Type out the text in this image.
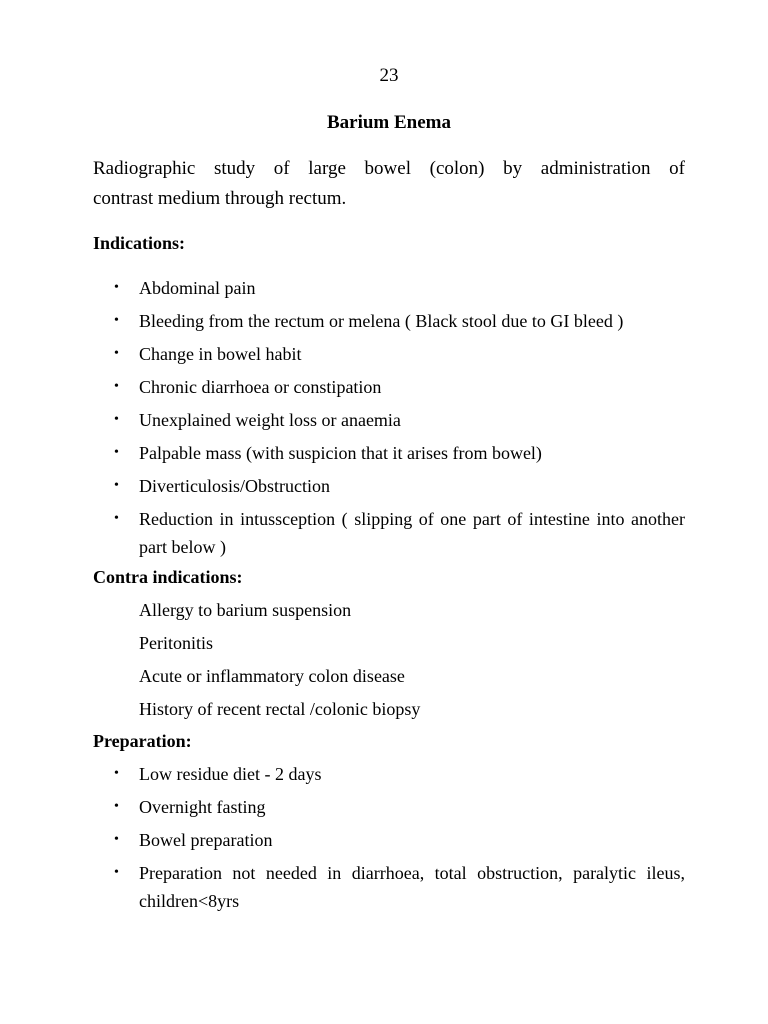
23
Barium Enema

Radiographic study of large bowel (colon) by administration of
contrast medium through rectum.

Indications:
• Abdominal pain
• Bleeding from the rectum or melena ( Black stool due to GI bleed )
• Change in bowel habit
• Chronic diarrhoea or constipation
• Unexplained weight loss or anaemia
• Palpable mass (with suspicion that it arises from bowel)
• Diverticulosis/Obstruction
• Reduction in intussception ( slipping of one part of intestine into another part below )
Contra indications:
Allergy to barium suspension
Peritonitis
Acute or inflammatory colon disease
History of recent rectal /colonic biopsy
Preparation:
• Low residue diet - 2 days
• Overnight fasting
• Bowel preparation
• Preparation not needed in diarrhoea, total obstruction, paralytic ileus, children<8yrs
